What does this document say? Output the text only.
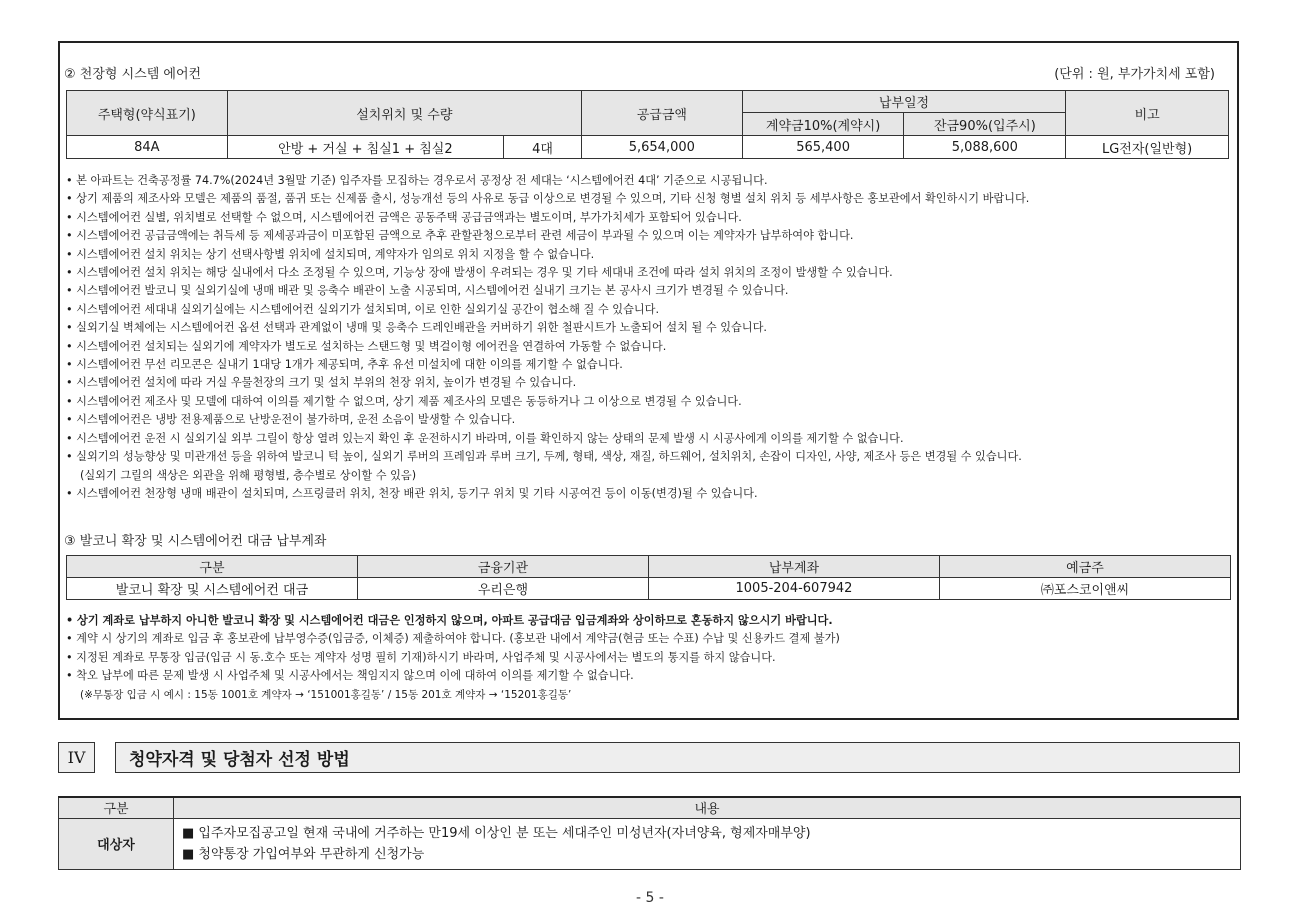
② 천장형 시스템 에어컨	(단위 : 원, 부가가치세 포함)
주택형(약식표기)	설치위치 및 수량		공급금액	납부일정		비고
				계약금10%(계약시)	잔금90%(입주시)	
84A	안방 + 거실 + 침실1 + 침실2	4대	5,654,000	565,400	5,088,600	LG전자(일반형)
• 본 아파트는 건축공정률 74.7%(2024년 3월말 기준) 입주자를 모집하는 경우로서 공정상 전 세대는 ‘시스템에어컨 4대’ 기준으로 시공됩니다.
• 상기 제품의 제조사와 모델은 제품의 품절, 품귀 또는 신제품 출시, 성능개선 등의 사유로 동급 이상으로 변경될 수 있으며, 기타 신청 형별 설치 위치 등 세부사항은 홍보관에서 확인하시기 바랍니다.
• 시스템에어컨 실별, 위치별로 선택할 수 없으며, 시스템에어컨 금액은 공동주택 공급금액과는 별도이며, 부가가치세가 포함되어 있습니다.
• 시스템에어컨 공급금액에는 취득세 등 제세공과금이 미포함된 금액으로 추후 관할관청으로부터 관련 세금이 부과될 수 있으며 이는 계약자가 납부하여야 합니다.
• 시스템에어컨 설치 위치는 상기 선택사항별 위치에 설치되며, 계약자가 임의로 위치 지정을 할 수 없습니다.
• 시스템에어컨 설치 위치는 해당 실내에서 다소 조정될 수 있으며, 기능상 장애 발생이 우려되는 경우 및 기타 세대내 조건에 따라 설치 위치의 조정이 발생할 수 있습니다.
• 시스템에어컨 발코니 및 실외기실에 냉매 배관 및 응축수 배관이 노출 시공되며, 시스템에어컨 실내기 크기는 본 공사시 크기가 변경될 수 있습니다.
• 시스템에어컨 세대내 실외기실에는 시스템에어컨 실외기가 설치되며, 이로 인한 실외기실 공간이 협소해 질 수 있습니다.
• 실외기실 벽체에는 시스템에어컨 옵션 선택과 관계없이 냉매 및 응축수 드레인배관을 커버하기 위한 철판시트가 노출되어 설치 될 수 있습니다.
• 시스템에어컨 설치되는 실외기에 계약자가 별도로 설치하는 스탠드형 및 벽걸이형 에어컨을 연결하여 가동할 수 없습니다.
• 시스템에어컨 무선 리모콘은 실내기 1대당 1개가 제공되며, 추후 유선 미설치에 대한 이의를 제기할 수 없습니다.
• 시스템에어컨 설치에 따라 거실 우물천장의 크기 및 설치 부위의 천장 위치, 높이가 변경될 수 있습니다.
• 시스템에어컨 제조사 및 모델에 대하여 이의를 제기할 수 없으며, 상기 제품 제조사의 모델은 동등하거나 그 이상으로 변경될 수 있습니다.
• 시스템에어컨은 냉방 전용제품으로 난방운전이 불가하며, 운전 소음이 발생할 수 있습니다.
• 시스템에어컨 운전 시 실외기실 외부 그릴이 항상 열려 있는지 확인 후 운전하시기 바라며, 이를 확인하지 않는 상태의 문제 발생 시 시공사에게 이의를 제기할 수 없습니다.
• 실외기의 성능향상 및 미관개선 등을 위하여 발코니 턱 높이, 실외기 루버의 프레임과 루버 크기, 두께, 형태, 색상, 재질, 하드웨어, 설치위치, 손잡이 디자인, 사양, 제조사 등은 변경될 수 있습니다.
(실외기 그릴의 색상은 외관을 위해 평형별, 층수별로 상이할 수 있음)
• 시스템에어컨 천장형 냉매 배관이 설치되며, 스프링클러 위치, 천장 배관 위치, 등기구 위치 및 기타 시공여건 등이 이동(변경)될 수 있습니다.
③ 발코니 확장 및 시스템에어컨 대금 납부계좌
구분	금융기관	납부계좌	예금주
발코니 확장 및 시스템에어컨 대금	우리은행	1005-204-607942	㈜포스코이앤씨
• 상기 계좌로 납부하지 아니한 발코니 확장 및 시스템에어컨 대금은 인정하지 않으며, 아파트 공급대금 입금계좌와 상이하므로 혼동하지 않으시기 바랍니다.
• 계약 시 상기의 계좌로 입금 후 홍보관에 납부영수증(입금증, 이체증) 제출하여야 합니다. (홍보관 내에서 계약금(현금 또는 수표) 수납 및 신용카드 결제 불가)
• 지정된 계좌로 무통장 입금(입금 시 동.호수 또는 계약자 성명 필히 기재)하시기 바라며, 사업주체 및 시공사에서는 별도의 통지를 하지 않습니다.
• 착오 납부에 따른 문제 발생 시 사업주체 및 시공사에서는 책임지지 않으며 이에 대하여 이의를 제기할 수 없습니다.
(※무통장 입금 시 예시 : 15동 1001호 계약자 → ‘151001홍길동’ / 15동 201호 계약자 → ‘15201홍길동’
IV	청약자격 및 당첨자 선정 방법
구분	내용
대상자	■ 입주자모집공고일 현재 국내에 거주하는 만19세 이상인 분 또는 세대주인 미성년자(자녀양육, 형제자매부양)
■ 청약통장 가입여부와 무관하게 신청가능
- 5 -
